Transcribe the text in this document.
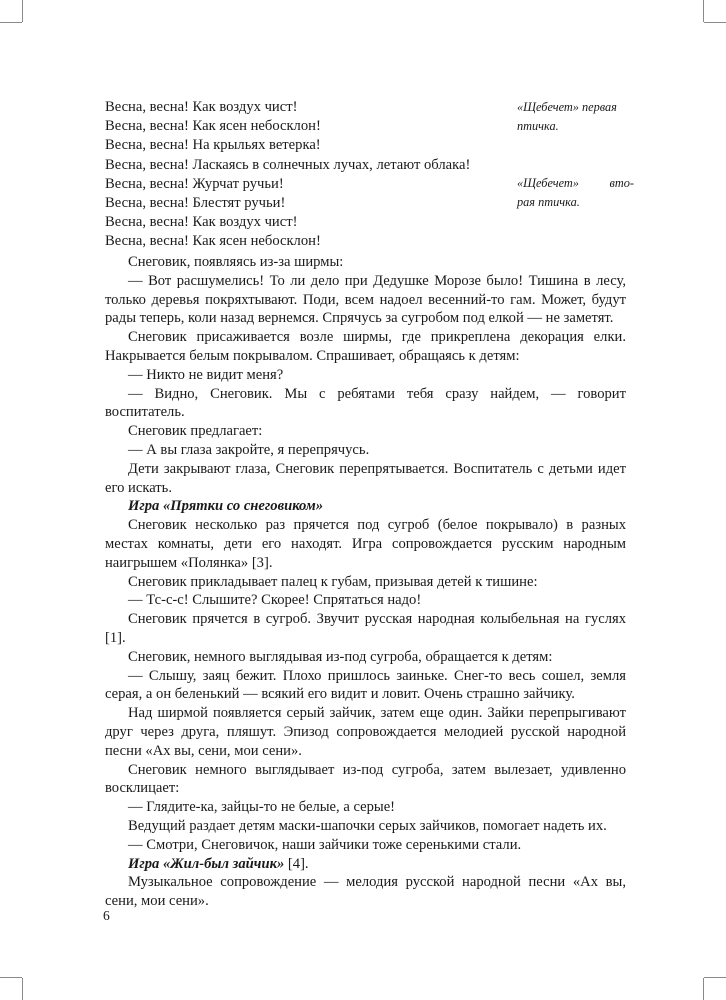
Весна, весна! Как воздух чист!
Весна, весна! Как ясен небосклон!
Весна, весна! На крыльях ветерка!
Весна, весна! Ласкаясь в солнечных лучах, летают облака!
Весна, весна! Журчат ручьи!
Весна, весна! Блестят ручьи!
Весна, весна! Как воздух чист!
Весна, весна! Как ясен небосклон!
«Щебечет» первая
птичка.
«Щебечет» вто-
рая птичка.

Снеговик, появляясь из-за ширмы:

— Вот расшумелись! То ли дело при Дедушке Морозе было! Тишина в лесу, только деревья покряхтывают. Поди, всем надоел весенний-то гам. Может, будут рады теперь, коли назад вернемся. Спрячусь за сугробом под елкой — не заметят.

Снеговик присаживается возле ширмы, где прикреплена декорация елки. Накрывается белым покрывалом. Спрашивает, обращаясь к детям:

— Никто не видит меня?

— Видно, Снеговик. Мы с ребятами тебя сразу найдем, — говорит воспитатель.

Снеговик предлагает:

— А вы глаза закройте, я перепрячусь.

Дети закрывают глаза, Снеговик перепрятывается. Воспитатель с детьми идет его искать.

Игра «Прятки со снеговиком»

Снеговик несколько раз прячется под сугроб (белое покрывало) в разных местах комнаты, дети его находят. Игра сопровождается русским народным наигрышем «Полянка» [3].

Снеговик прикладывает палец к губам, призывая детей к тишине:

— Тс-с-с! Слышите? Скорее! Спрятаться надо!

Снеговик прячется в сугроб. Звучит русская народная колыбельная на гуслях [1].

Снеговик, немного выглядывая из-под сугроба, обращается к детям:

— Слышу, заяц бежит. Плохо пришлось заиньке. Снег-то весь сошел, земля серая, а он беленький — всякий его видит и ловит. Очень страшно зайчику.

Над ширмой появляется серый зайчик, затем еще один. Зайки перепрыгивают друг через друга, пляшут. Эпизод сопровождается мелодией русской народной песни «Ах вы, сени, мои сени».

Снеговик немного выглядывает из-под сугроба, затем вылезает, удивленно восклицает:

— Глядите-ка, зайцы-то не белые, а серые!

Ведущий раздает детям маски-шапочки серых зайчиков, помогает надеть их.

— Смотри, Снеговичок, наши зайчики тоже серенькими стали.

Игра «Жил-был зайчик» [4].

Музыкальное сопровождение — мелодия русской народной песни «Ах вы, сени, мои сени».

6
